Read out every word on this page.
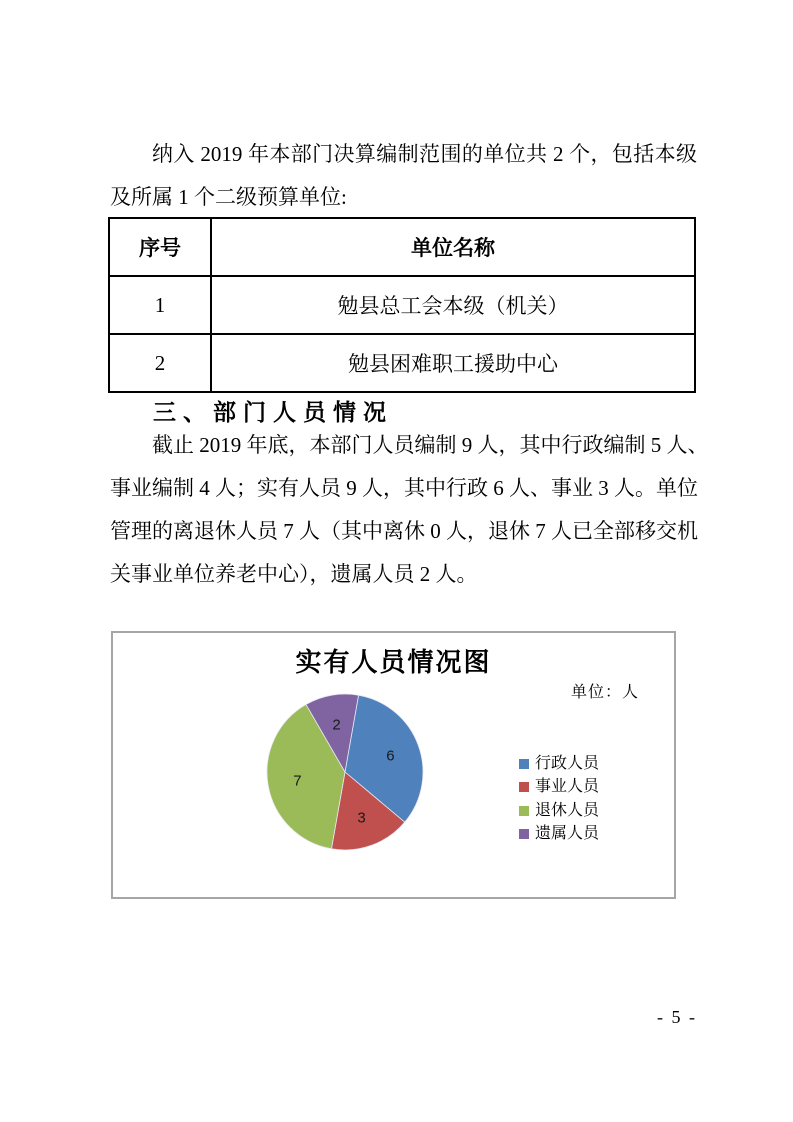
纳入 2019 年本部门决算编制范围的单位共 2 个，包括本级
及所属 1 个二级预算单位:
序号	单位名称
1	勉县总工会本级（机关）
2	勉县困难职工援助中心
三、部门人员情况
截止 2019 年底，本部门人员编制 9 人，其中行政编制 5 人、
事业编制 4 人；实有人员 9 人，其中行政 6 人、事业 3 人。单位
管理的离退休人员 7 人（其中离休 0 人，退休 7 人已全部移交机
关事业单位养老中心），遗属人员 2 人。
6
3
7
2
实有人员情况图
单位：人
行政人员
事业人员
退休人员
遗属人员
- 5 -
